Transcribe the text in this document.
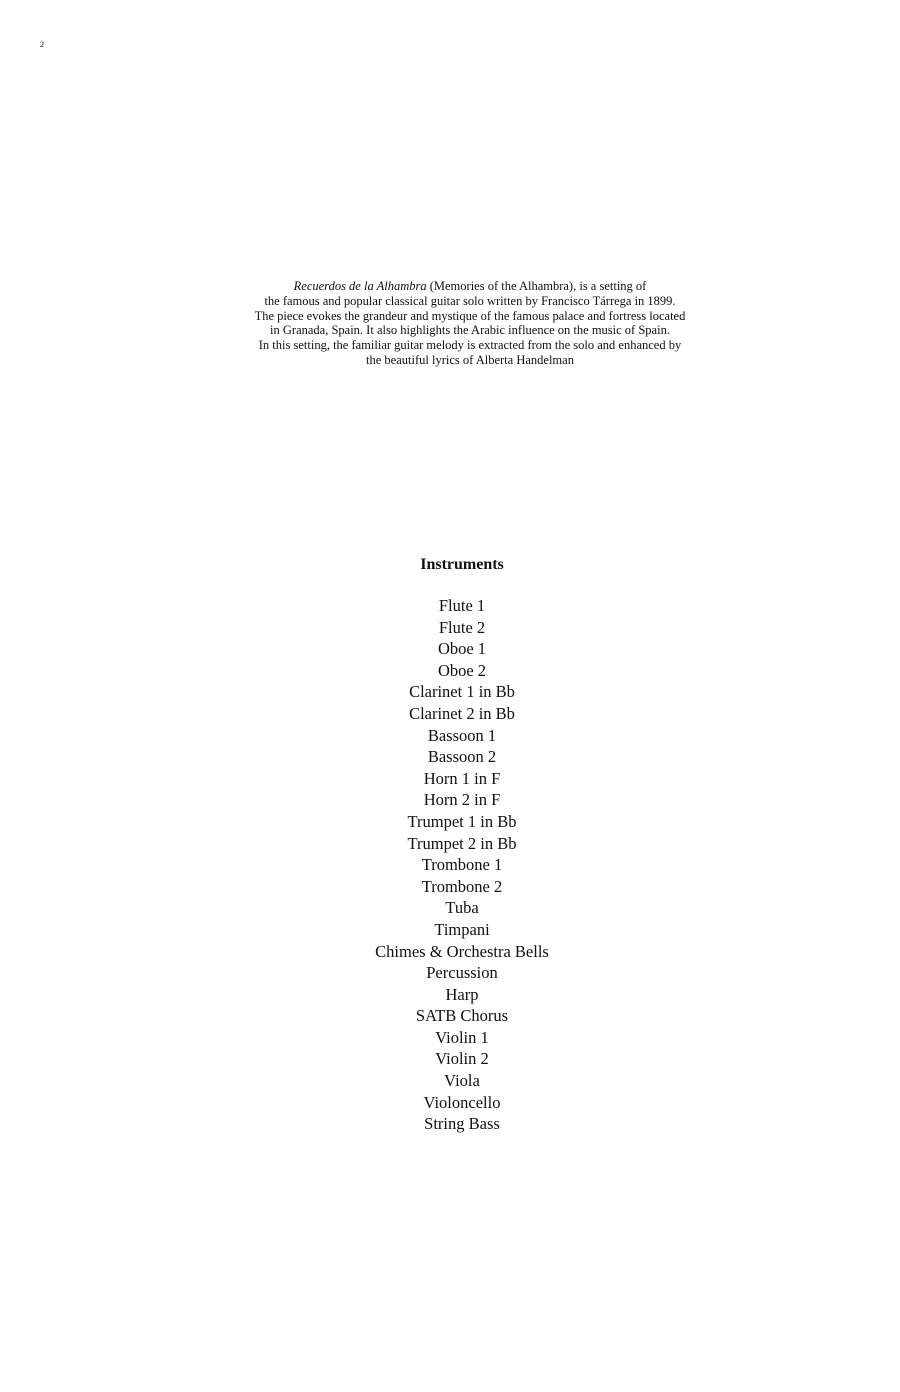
2
Recuerdos de la Alhambra (Memories of the Alhambra), is a setting of
the famous and popular classical guitar solo written by Francisco Tárrega in 1899.
The piece evokes the grandeur and mystique of the famous palace and fortress located
in Granada, Spain. It also highlights the Arabic influence on the music of Spain.
In this setting, the familiar guitar melody is extracted from the solo and enhanced by
the beautiful lyrics of Alberta Handelman
Instruments
Flute 1
Flute 2
Oboe 1
Oboe 2
Clarinet 1 in Bb
Clarinet 2 in Bb
Bassoon 1
Bassoon 2
Horn 1 in F
Horn 2 in F
Trumpet 1 in Bb
Trumpet 2 in Bb
Trombone 1
Trombone 2
Tuba
Timpani
Chimes & Orchestra Bells
Percussion
Harp
SATB Chorus
Violin 1
Violin 2
Viola
Violoncello
String Bass
